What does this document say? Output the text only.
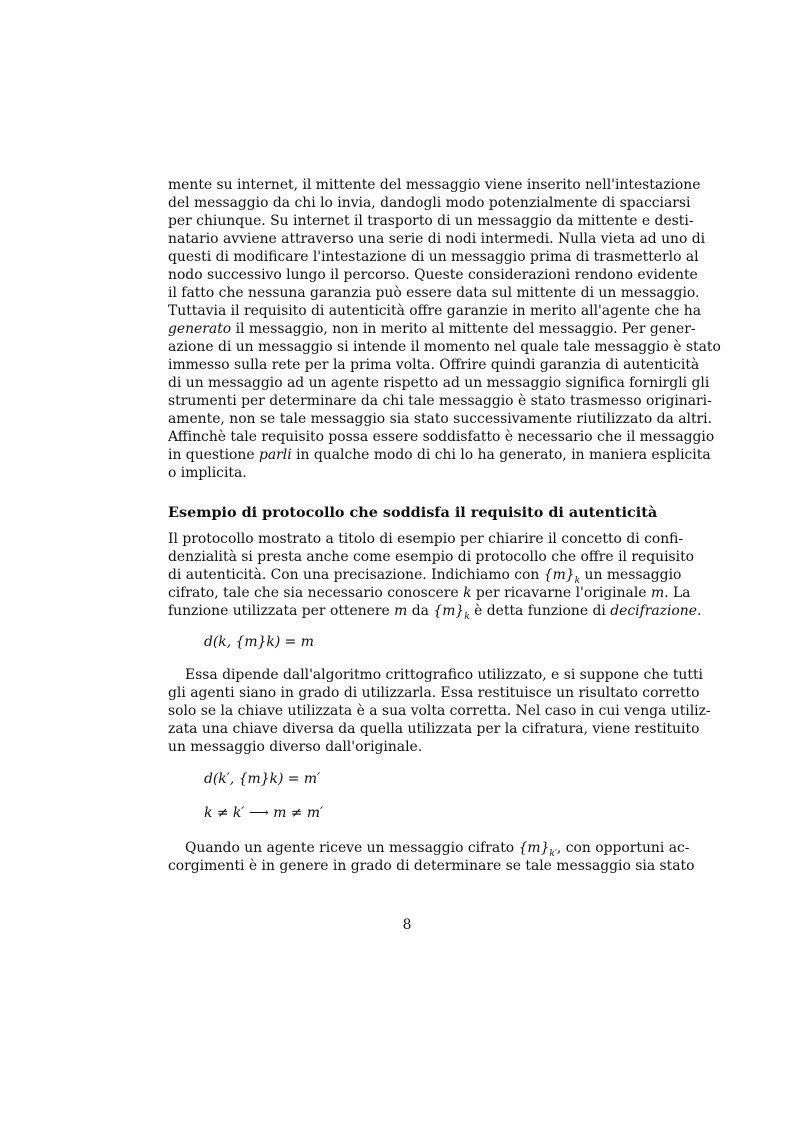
mente su internet, il mittente del messaggio viene inserito nell'intestazione
del messaggio da chi lo invia, dandogli modo potenzialmente di spacciarsi
per chiunque. Su internet il trasporto di un messaggio da mittente e desti-
natario avviene attraverso una serie di nodi intermedi. Nulla vieta ad uno di
questi di modificare l'intestazione di un messaggio prima di trasmetterlo al
nodo successivo lungo il percorso. Queste considerazioni rendono evidente
il fatto che nessuna garanzia può essere data sul mittente di un messaggio.
Tuttavia il requisito di autenticità offre garanzie in merito all'agente che ha
generato il messaggio, non in merito al mittente del messaggio. Per gener-
azione di un messaggio si intende il momento nel quale tale messaggio è stato
immesso sulla rete per la prima volta. Offrire quindi garanzia di autenticità
di un messaggio ad un agente rispetto ad un messaggio significa fornirgli gli
strumenti per determinare da chi tale messaggio è stato trasmesso originari-
amente, non se tale messaggio sia stato successivamente riutilizzato da altri.
Affinchè tale requisito possa essere soddisfatto è necessario che il messaggio
in questione parli in qualche modo di chi lo ha generato, in maniera esplicita
o implicita.
Esempio di protocollo che soddisfa il requisito di autenticità
Il protocollo mostrato a titolo di esempio per chiarire il concetto di confi-
denzialità si presta anche come esempio di protocollo che offre il requisito
di autenticità. Con una precisazione. Indichiamo con $\{m\}_k$ un messaggio
cifrato, tale che sia necessario conoscere k per ricavarne l'originale m. La
funzione utilizzata per ottenere m da $\{m\}_k$ è detta funzione di decifrazione.
d(k, {m}k) = m
Essa dipende dall'algoritmo crittografico utilizzato, e si suppone che tutti
gli agenti siano in grado di utilizzarla. Essa restituisce un risultato corretto
solo se la chiave utilizzata è a sua volta corretta. Nel caso in cui venga utiliz-
zata una chiave diversa da quella utilizzata per la cifratura, viene restituito
un messaggio diverso dall'originale.
d(k′, {m}k) = m′
k ≠ k′ ⟶ m ≠ m′
Quando un agente riceve un messaggio cifrato $\{m\}_{k'}$, con opportuni ac-
corgimenti è in genere in grado di determinare se tale messaggio sia stato
8
